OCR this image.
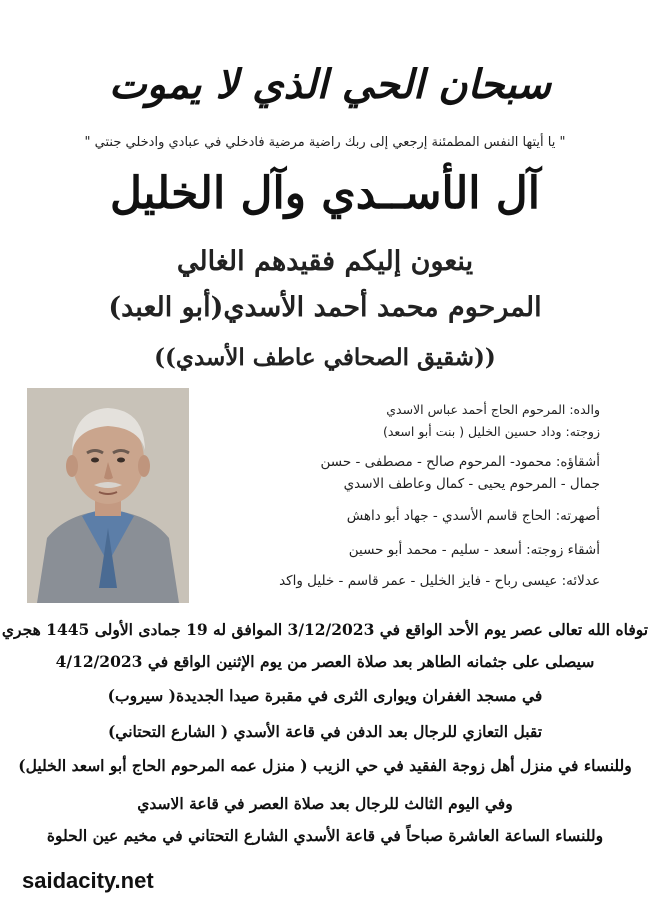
سبحان الحي الذي لا يموت
" يا أيتها النفس المطمئنة إرجعي إلى ربك راضية مرضية فادخلي في عبادي وادخلي جنتي "
آل الأســدي وآل الخليل
ينعون إليكم فقيدهم الغالي
المرحوم محمد أحمد الأسدي(أبو العبد)
((شقيق الصحافي عاطف الأسدي))
والده: المرحوم الحاج أحمد عباس الاسدي
زوجته: وداد حسين الخليل ( بنت أبو اسعد)
أشقاؤه: محمود- المرحوم صالح - مصطفى - حسن
جمال - المرحوم يحيى - كمال وعاطف الاسدي
أصهرته: الحاج قاسم الأسدي - جهاد أبو داهش
أشقاء زوجته: أسعد - سليم - محمد أبو حسين
عدلائه: عيسى رباح - فايز الخليل - عمر قاسم - خليل واكد
توفاه الله تعالى عصر يوم الأحد الواقع في 3/12/2023 الموافق له 19 جمادى الأولى 1445 هجري
سيصلى على جثمانه الطاهر بعد صلاة العصر من يوم الإثنين الواقع في 4/12/2023
في مسجد الغفران ويوارى الثرى في مقبرة صيدا الجديدة( سيروب)
تقبل التعازي للرجال بعد الدفن في قاعة الأسدي ( الشارع التحتاني)
وللنساء في منزل أهل زوجة الفقيد في حي الزيب ( منزل عمه المرحوم الحاج أبو اسعد الخليل)
وفي اليوم الثالث للرجال بعد صلاة العصر في قاعة الاسدي
وللنساء الساعة العاشرة صباحاً في قاعة الأسدي الشارع التحتاني في مخيم عين الحلوة
saidacity.net
